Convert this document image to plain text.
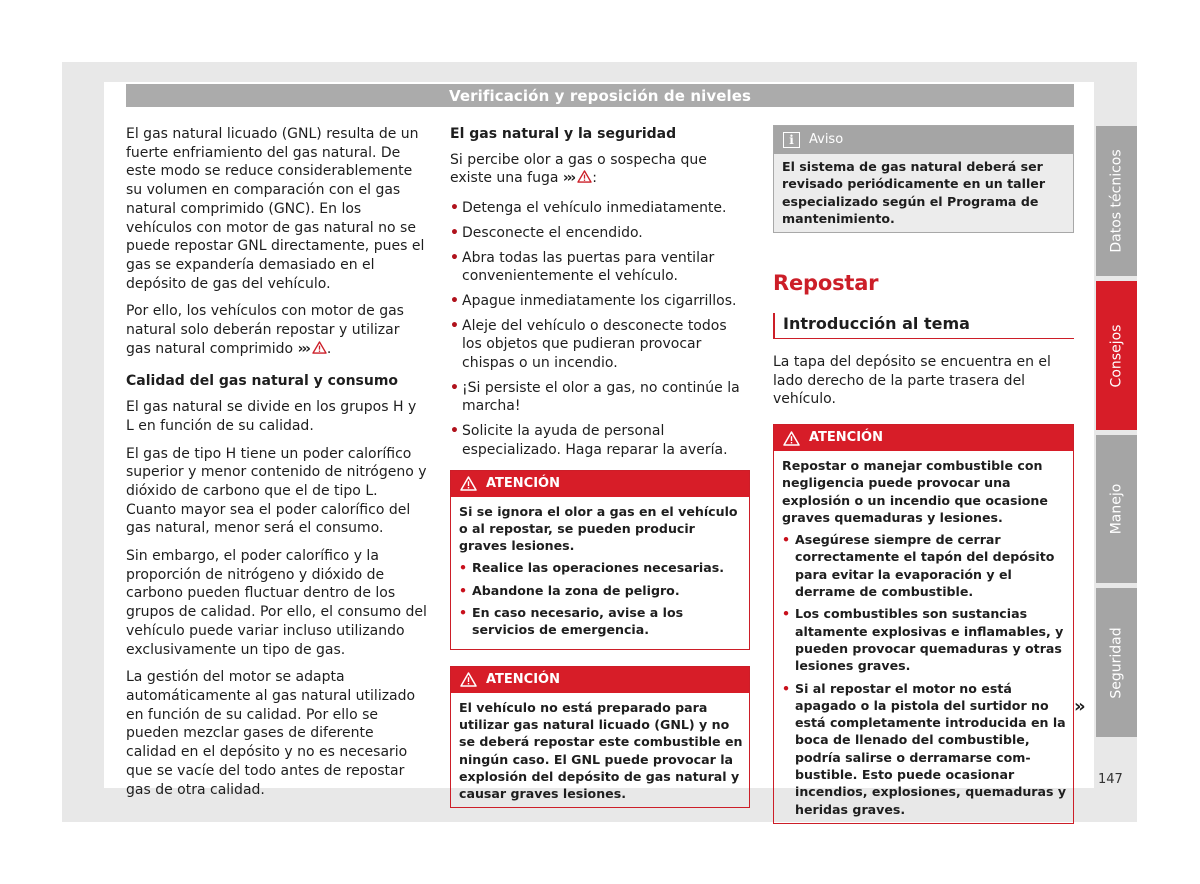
Verificación y reposición de niveles

El gas natural licuado (GNL) resulta de un fuerte enfriamiento del gas natural. De este modo se reduce considerablemente su volumen en comparación con el gas natural comprimido (GNC). En los vehículos con motor de gas natural no se puede repostar GNL directamente, pues el gas se expandería demasiado en el depósito de gas del vehículo.

Por ello, los vehículos con motor de gas natural solo deberán repostar y utilizar gas natural comprimido ››› .

Calidad del gas natural y consumo

El gas natural se divide en los grupos H y L en función de su calidad.

El gas de tipo H tiene un poder calorífico superior y menor contenido de nitrógeno y dióxido de carbono que el de tipo L. Cuanto mayor sea el poder calorífico del gas natural, menor será el consumo.

Sin embargo, el poder calorífico y la proporción de nitrógeno y dióxido de carbono pueden fluctuar dentro de los grupos de calidad. Por ello, el consumo del vehículo puede variar incluso utilizando exclusivamente un tipo de gas.

La gestión del motor se adapta automáticamente al gas natural utilizado en función de su calidad. Por ello se pueden mezclar gases de diferente calidad en el depósito y no es necesario que se vacíe del todo antes de repostar gas de otra calidad.

El gas natural y la seguridad

Si percibe olor a gas o sospecha que existe una fuga ››› :

• Detenga el vehículo inmediatamente.
• Desconecte el encendido.
• Abra todas las puertas para ventilar convenientemente el vehículo.
• Apague inmediatamente los cigarrillos.
• Aleje del vehículo o desconecte todos los objetos que pudieran provocar chispas o un incendio.
• ¡Si persiste el olor a gas, no continúe la marcha!
• Solicite la ayuda de personal especializado. Haga reparar la avería.
ATENCIÓN

Si se ignora el olor a gas en el vehículo o al repostar, se pueden producir graves lesiones.

• Realice las operaciones necesarias.
• Abandone la zona de peligro.
• En caso necesario, avise a los servicios de emergencia.
ATENCIÓN

El vehículo no está preparado para utilizar gas natural licuado (GNL) y no se deberá repostar este combustible en ningún caso. El GNL puede provocar la explosión del depósito de gas natural y causar graves lesiones.

i	Aviso
El sistema de gas natural deberá ser revisado periódicamente en un taller especializado según el Programa de mantenimiento.
Repostar
Introducción al tema

La tapa del depósito se encuentra en el lado derecho de la parte trasera del vehículo.

ATENCIÓN

Repostar o manejar combustible con negligencia puede provocar una explosión o un incendio que ocasione graves quemaduras y lesiones.

• Asegúrese siempre de cerrar correctamente el tapón del depósito para evitar la evaporación y el derrame de combustible.
• Los combustibles son sustancias altamente explosivas e inflamables, y pueden provocar quemaduras y otras lesiones graves.
• Si al repostar el motor no está apagado o la pistola del surtidor no está completamente introducida en la boca de llenado del combustible, podría salirse o derramarse combustible. Esto puede ocasionar incendios, explosiones, quemaduras y heridas graves.
»
Datos técnicos
Consejos
Manejo
Seguridad
147
